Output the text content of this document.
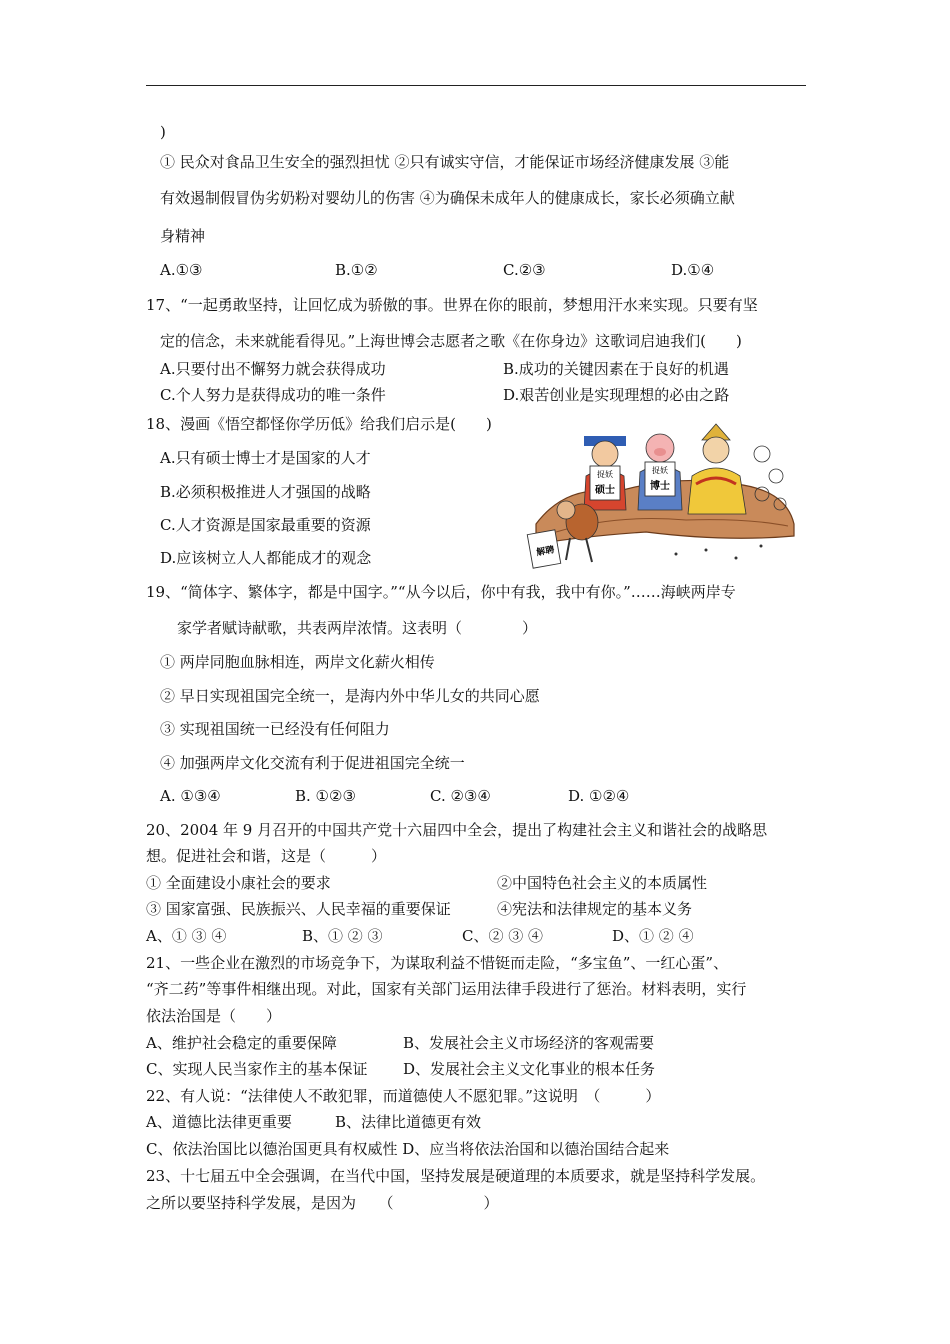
)
① 民众对食品卫生安全的强烈担忧 ②只有诚实守信，才能保证市场经济健康发展 ③能
有效遏制假冒伪劣奶粉对婴幼儿的伤害 ④为确保未成年人的健康成长，家长必须确立献
身精神
A.①③	B.①②	C.②③	D.①④
17、“一起勇敢坚持，让回忆成为骄傲的事。世界在你的眼前，梦想用汗水来实现。只要有坚
定的信念，未来就能看得见。”上海世博会志愿者之歌《在你身边》这歌词启迪我们(　　)
A.只要付出不懈努力就会获得成功	B.成功的关键因素在于良好的机遇
C.个人努力是获得成功的唯一条件	D.艰苦创业是实现理想的必由之路
18、漫画《悟空都怪你学历低》给我们启示是(　　)
A.只有硕士博士才是国家的人才
B.必须积极推进人才强国的战略
C.人才资源是国家最重要的资源
D.应该树立人人都能成才的观念
捉妖
硕士
捉妖
博士
解聘
19、“简体字、繁体字，都是中国字。”“从今以后，你中有我，我中有你。”……海峡两岸专
家学者赋诗献歌，共表两岸浓情。这表明（　　　　）
① 两岸同胞血脉相连，两岸文化薪火相传
② 早日实现祖国完全统一，是海内外中华儿女的共同心愿
③ 实现祖国统一已经没有任何阻力
④ 加强两岸文化交流有利于促进祖国完全统一
A. ①③④	B. ①②③	C. ②③④	D. ①②④
20、2004 年 9 月召开的中国共产党十六届四中全会，提出了构建社会主义和谐社会的战略思
想。促进社会和谐，这是（　　　）
① 全面建设小康社会的要求	②中国特色社会主义的本质属性
③ 国家富强、民族振兴、人民幸福的重要保证	④宪法和法律规定的基本义务
A、① ③ ④	B、① ② ③	C、② ③ ④	D、① ② ④
21、一些企业在激烈的市场竞争下，为谋取利益不惜铤而走险，“多宝鱼”、一红心蛋”、
“齐二药”等事件相继出现。对此，国家有关部门运用法律手段进行了惩治。材料表明，实行
依法治国是（　　）
A、维护社会稳定的重要保障	B、发展社会主义市场经济的客观需要
C、实现人民当家作主的基本保证 D、发展社会主义文化事业的根本任务
22、有人说：“法律使人不敢犯罪，而道德使人不愿犯罪。”这说明　（　　　）
A、道德比法律更重要	B、法律比道德更有效
C、依法治国比以德治国更具有权威性 D、应当将依法治国和以德治国结合起来
23、十七届五中全会强调，在当代中国，坚持发展是硬道理的本质要求，就是坚持科学发展。
之所以要坚持科学发展，是因为　　（　　　　　　）
